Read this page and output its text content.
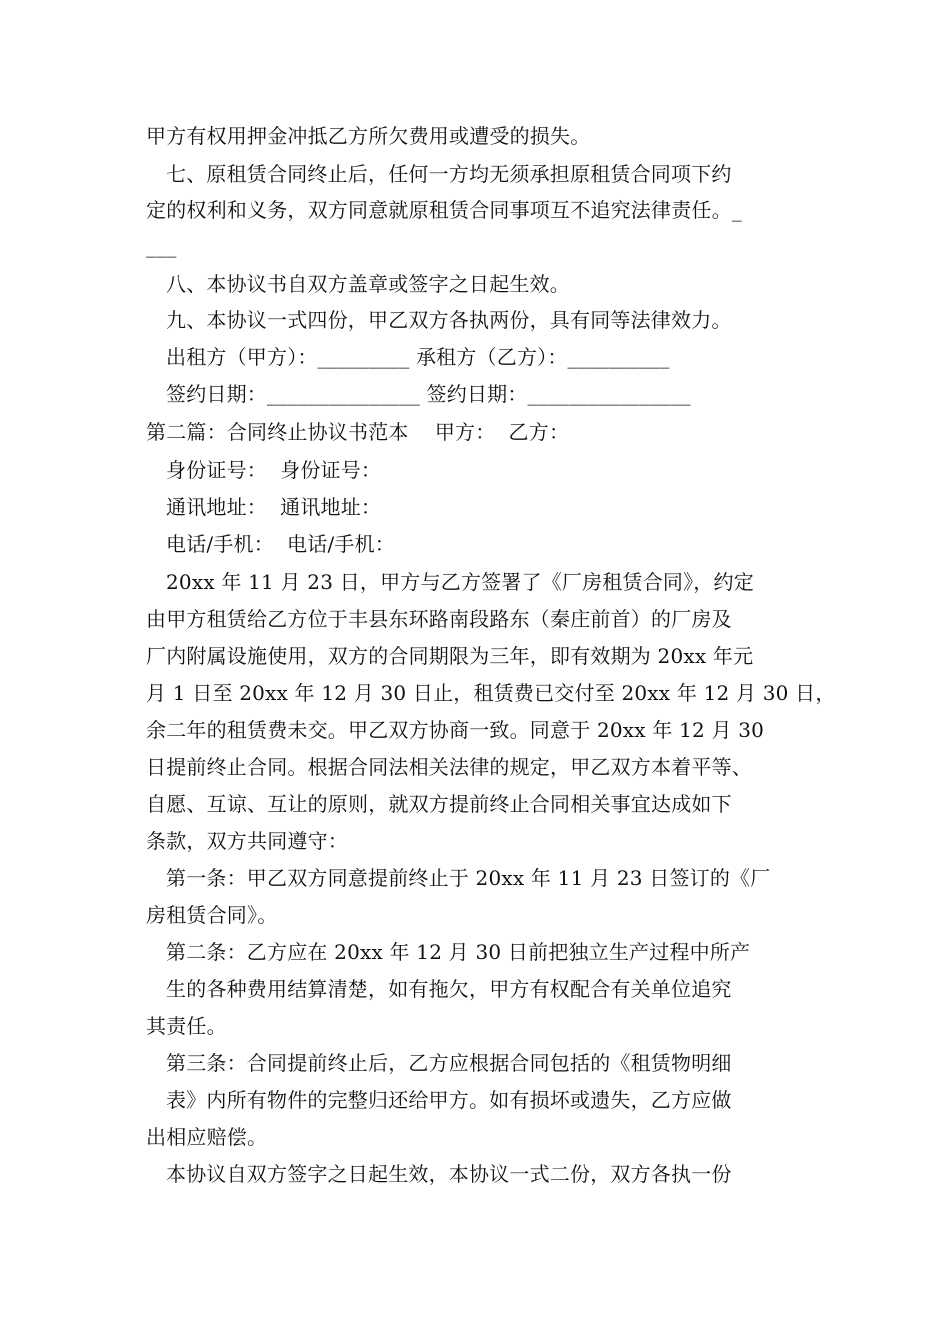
甲方有权用押金冲抵乙方所欠费用或遭受的损失。
七、原租赁合同终止后，任何一方均无须承担原租赁合同项下约
定的权利和义务，双方同意就原租赁合同事项互不追究法律责任。_
___
八、本协议书自双方盖章或签字之日起生效。
九、本协议一式四份，甲乙双方各执两份，具有同等法律效力。
出租方（甲方）：_________ 承租方（乙方）：__________
签约日期：_______________ 签约日期：________________
第二篇：合同终止协议书范本    甲方：  乙方：
身份证号：  身份证号：
通讯地址：  通讯地址：
电话/手机：  电话/手机：
20xx 年 11 月 23 日，甲方与乙方签署了《厂房租赁合同》，约定
由甲方租赁给乙方位于丰县东环路南段路东（秦庄前首）的厂房及
厂内附属设施使用，双方的合同期限为三年，即有效期为 20xx 年元
月 1 日至 20xx 年 12 月 30 日止，租赁费已交付至 20xx 年 12 月 30 日，
余二年的租赁费未交。甲乙双方协商一致。同意于 20xx 年 12 月 30
日提前终止合同。根据合同法相关法律的规定，甲乙双方本着平等、
自愿、互谅、互让的原则，就双方提前终止合同相关事宜达成如下
条款，双方共同遵守：
第一条：甲乙双方同意提前终止于 20xx 年 11 月 23 日签订的《厂
房租赁合同》。
第二条：乙方应在 20xx 年 12 月 30 日前把独立生产过程中所产
生的各种费用结算清楚，如有拖欠，甲方有权配合有关单位追究
其责任。
第三条：合同提前终止后，乙方应根据合同包括的《租赁物明细
表》内所有物件的完整归还给甲方。如有损坏或遗失，乙方应做
出相应赔偿。
本协议自双方签字之日起生效，本协议一式二份，双方各执一份
